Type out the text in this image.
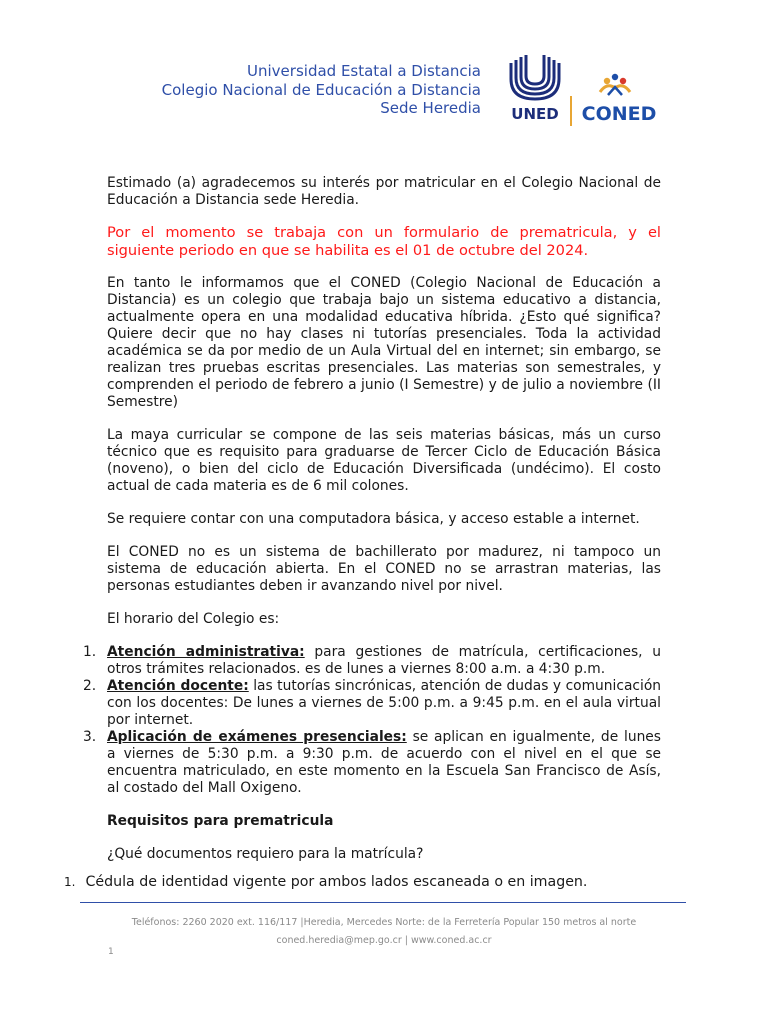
Universidad Estatal a Distancia
Colegio Nacional de Educación a Distancia
Sede Heredia UNED CONED

Estimado (a) agradecemos su interés por matricular en el Colegio Nacional de Educación a Distancia sede Heredia.

Por el momento se trabaja con un formulario de prematricula, y el siguiente periodo en que se habilita es el 01 de octubre del 2024.

En tanto le informamos que el CONED (Colegio Nacional de Educación a Distancia) es un colegio que trabaja bajo un sistema educativo a distancia, actualmente opera en una modalidad educativa híbrida. ¿Esto qué significa? Quiere decir que no hay clases ni tutorías presenciales. Toda la actividad académica se da por medio de un Aula Virtual del en internet; sin embargo, se realizan tres pruebas escritas presenciales. Las materias son semestrales, y comprenden el periodo de febrero a junio (I Semestre) y de julio a noviembre (II Semestre)

La maya curricular se compone de las seis materias básicas, más un curso técnico que es requisito para graduarse de Tercer Ciclo de Educación Básica (noveno), o bien del ciclo de Educación Diversificada (undécimo). El costo actual de cada materia es de 6 mil colones.

Se requiere contar con una computadora básica, y acceso estable a internet.

El CONED no es un sistema de bachillerato por madurez, ni tampoco un sistema de educación abierta. En el CONED no se arrastran materias, las personas estudiantes deben ir avanzando nivel por nivel.

El horario del Colegio es:

1. Atención administrativa: para gestiones de matrícula, certificaciones, u otros trámites relacionados. es de lunes a viernes 8:00 a.m. a 4:30 p.m.
2. Atención docente: las tutorías sincrónicas, atención de dudas y comunicación con los docentes: De lunes a viernes de 5:00 p.m. a 9:45 p.m. en el aula virtual por internet.
3. Aplicación de exámenes presenciales: se aplican en igualmente, de lunes a viernes de 5:30 p.m. a 9:30 p.m. de acuerdo con el nivel en el que se encuentra matriculado, en este momento en la Escuela San Francisco de Asís, al costado del Mall Oxigeno.

Requisitos para prematricula

¿Qué documentos requiero para la matrícula?

1. Cédula de identidad vigente por ambos lados escaneada o en imagen.
Teléfonos: 2260 2020 ext. 116/117 |Heredia, Mercedes Norte: de la Ferretería Popular 150 metros al norte
coned.heredia@mep.go.cr | www.coned.ac.cr
1
